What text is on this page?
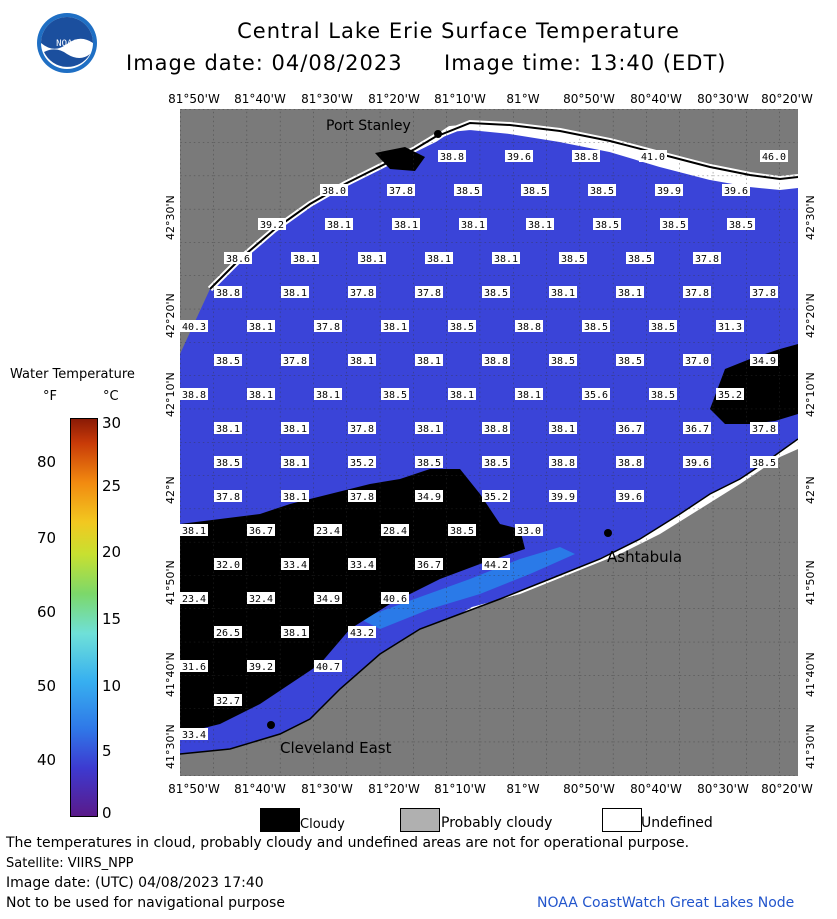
NOAA
Central Lake Erie Surface Temperature
Image date: 04/08/2023 Image time: 13:40 (EDT)
81°50'W	81°40'W	81°30'W	81°20'W	81°10'W	81°W	80°50'W	80°40'W	80°30'W	80°20'W
81°50'W	81°40'W	81°30'W	81°20'W	81°10'W	81°W	80°50'W	80°40'W	80°30'W	80°20'W
42°30'N
42°20'N
42°10'N
42°N
41°50'N
41°40'N
41°30'N
42°30'N
42°20'N
42°10'N
42°N
41°50'N
41°40'N
41°30'N
38.8	39.6	38.8	41.0	46.0
38.0	37.8	38.5	38.5	38.5	39.9	39.6
39.2	38.1	38.1	38.1	38.1	38.5	38.5	38.5
38.6	38.1	38.1	38.1	38.1	38.5	38.5	37.8
38.8	38.1	37.8	37.8	38.5	38.1	38.1	37.8	37.8
40.3	38.1	37.8	38.1	38.5	38.8	38.5	38.5	31.3
38.5	37.8	38.1	38.1	38.8	38.5	38.5	37.0	34.9
38.8	38.1	38.1	38.5	38.1	38.1	35.6	38.5	35.2
38.1	38.1	37.8	38.1	38.8	38.1	36.7	36.7	37.8
38.5	38.1	35.2	38.5	38.5	38.8	38.8	39.6	38.5
37.8	38.1	37.8	34.9	35.2	39.9	39.6
38.1	36.7	23.4	28.4	38.5	33.0
32.0	33.4	33.4	36.7	44.2
23.4	32.4	34.9	40.6
26.5	38.1	43.2
31.6	39.2	40.7
32.7
33.4
Port Stanley
Ashtabula
Cleveland East
Water Temperature
°F	°C
80
70
60
50
40
30
25
20
15
10
5
0
Cloudy	Probably cloudy	Undefined
The temperatures in cloud, probably cloudy and undefined areas are not for operational purpose.
Satellite: VIIRS_NPP
Image date: (UTC) 04/08/2023 17:40
Not to be used for navigational purpose	NOAA CoastWatch Great Lakes Node
